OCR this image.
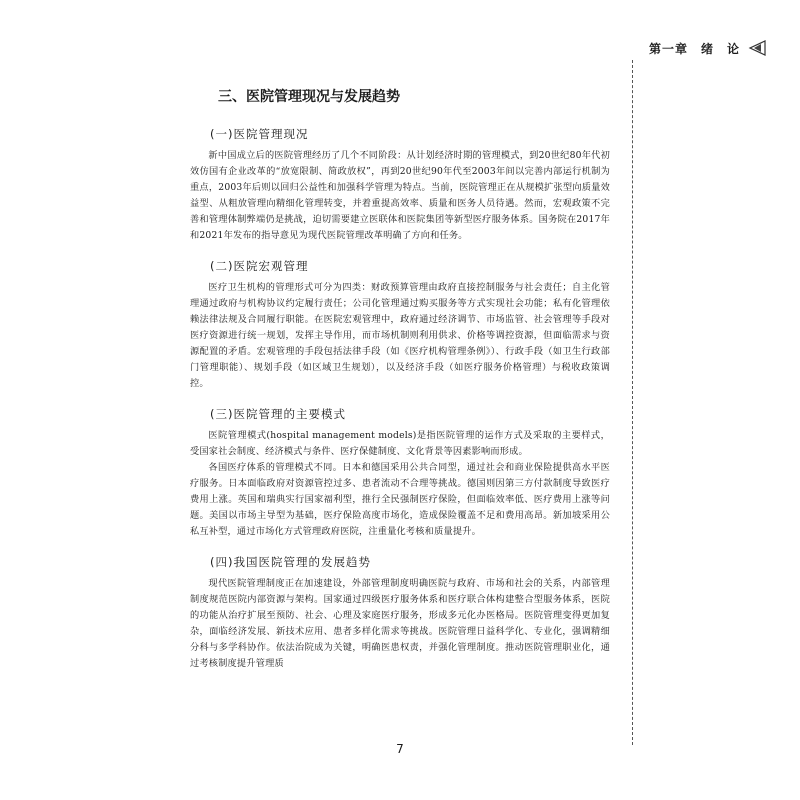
第一章　绪　论
三、医院管理现况与发展趋势
(一)医院管理现况

新中国成立后的医院管理经历了几个不同阶段：从计划经济时期的管理模式，到20世纪80年代初效仿国有企业改革的“放宽限制、简政放权”，再到20世纪90年代至2003年间以完善内部运行机制为重点，2003年后则以回归公益性和加强科学管理为特点。当前，医院管理正在从规模扩张型向质量效益型、从粗放管理向精细化管理转变，并着重提高效率、质量和医务人员待遇。然而，宏观政策不完善和管理体制弊端仍是挑战，迫切需要建立医联体和医院集团等新型医疗服务体系。国务院在2017年和2021年发布的指导意见为现代医院管理改革明确了方向和任务。

(二)医院宏观管理

医疗卫生机构的管理形式可分为四类：财政预算管理由政府直接控制服务与社会责任；自主化管理通过政府与机构协议约定履行责任；公司化管理通过购买服务等方式实现社会功能；私有化管理依赖法律法规及合同履行职能。在医院宏观管理中，政府通过经济调节、市场监管、社会管理等手段对医疗资源进行统一规划，发挥主导作用，而市场机制则利用供求、价格等调控资源，但面临需求与资源配置的矛盾。宏观管理的手段包括法律手段（如《医疗机构管理条例》）、行政手段（如卫生行政部门管理职能）、规划手段（如区域卫生规划），以及经济手段（如医疗服务价格管理）与税收政策调控。

(三)医院管理的主要模式

医院管理模式(hospital management models)是指医院管理的运作方式及采取的主要样式，受国家社会制度、经济模式与条件、医疗保健制度、文化背景等因素影响而形成。

各国医疗体系的管理模式不同。日本和德国采用公共合同型，通过社会和商业保险提供高水平医疗服务。日本面临政府对资源管控过多、患者流动不合理等挑战。德国则因第三方付款制度导致医疗费用上涨。英国和瑞典实行国家福利型，推行全民强制医疗保险，但面临效率低、医疗费用上涨等问题。美国以市场主导型为基础，医疗保险高度市场化，造成保险覆盖不足和费用高昂。新加坡采用公私互补型，通过市场化方式管理政府医院，注重量化考核和质量提升。

(四)我国医院管理的发展趋势

现代医院管理制度正在加速建设，外部管理制度明确医院与政府、市场和社会的关系，内部管理制度规范医院内部资源与架构。国家通过四级医疗服务体系和医疗联合体构建整合型服务体系，医院的功能从治疗扩展至预防、社会、心理及家庭医疗服务，形成多元化办医格局。医院管理变得更加复杂，面临经济发展、新技术应用、患者多样化需求等挑战。医院管理日益科学化、专业化，强调精细分科与多学科协作。依法治院成为关键，明确医患权责，并强化管理制度。推动医院管理职业化，通过考核制度提升管理质

7
